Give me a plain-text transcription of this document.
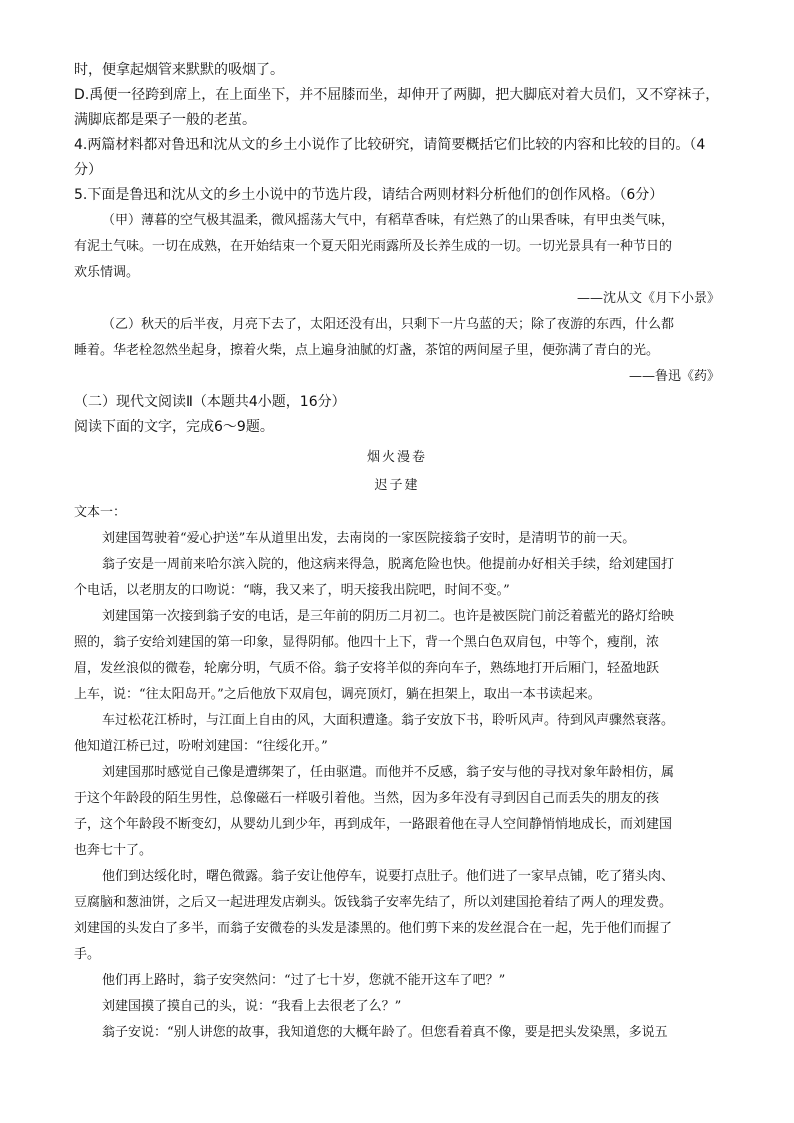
时，便拿起烟管来默默的吸烟了。
D.禹便一径跨到席上，在上面坐下，并不屈膝而坐，却伸开了两脚，把大脚底对着大员们，又不穿袜子，
满脚底都是栗子一般的老茧。
4.两篇材料都对鲁迅和沈从文的乡土小说作了比较研究，请简要概括它们比较的内容和比较的目的。（4
分）
5.下面是鲁迅和沈从文的乡土小说中的节选片段，请结合两则材料分析他们的创作风格。（6分）
（甲）薄暮的空气极其温柔，微风摇荡大气中，有稻草香味，有烂熟了的山果香味，有甲虫类气味，
有泥土气味。一切在成熟，在开始结束一个夏天阳光雨露所及长养生成的一切。一切光景具有一种节日的
欢乐情调。
——沈从文《月下小景》
（乙）秋天的后半夜，月亮下去了，太阳还没有出，只剩下一片乌蓝的天；除了夜游的东西，什么都
睡着。华老栓忽然坐起身，擦着火柴，点上遍身油腻的灯盏，茶馆的两间屋子里，便弥满了青白的光。
——鲁迅《药》
（二）现代文阅读Ⅱ（本题共4小题，16分）
阅读下面的文字，完成6～9题。
烟火漫卷
迟子建
文本一：
刘建国驾驶着“爱心护送”车从道里出发，去南岗的一家医院接翁子安时，是清明节的前一天。
翁子安是一周前来哈尔滨入院的，他这病来得急，脱离危险也快。他提前办好相关手续，给刘建国打
个电话，以老朋友的口吻说：“嗨，我又来了，明天接我出院吧，时间不变。”
刘建国第一次接到翁子安的电话，是三年前的阴历二月初二。也许是被医院门前泛着藍光的路灯给映
照的，翁子安给刘建国的第一印象，显得阴郁。他四十上下，背一个黑白色双肩包，中等个，瘦削，浓
眉，发丝浪似的微卷，轮廓分明，气质不俗。翁子安将羊似的奔向车子，熟练地打开后厢门，轻盈地跃
上车，说：“往太阳岛开。”之后他放下双肩包，调亮顶灯，躺在担架上，取出一本书读起来。
车过松花江桥时，与江面上自由的风，大面积遭逢。翁子安放下书，聆听风声。待到风声骤然衰落。
他知道江桥已过，吩咐刘建国：“往绥化开。”
刘建国那时感觉自己像是遭绑架了，任由驱遣。而他并不反感，翁子安与他的寻找对象年龄相仿，属
于这个年龄段的陌生男性，总像磁石一样吸引着他。当然，因为多年没有寻到因自己而丢失的朋友的孩
子，这个年龄段不断变幻，从婴幼儿到少年，再到成年，一路跟着他在寻人空间静悄悄地成长，而刘建国
也奔七十了。
他们到达绥化时，曙色微露。翁子安让他停车，说要打点肚子。他们进了一家早点铺，吃了猪头肉、
豆腐脑和葱油饼，之后又一起进理发店剃头。饭钱翁子安率先结了，所以刘建国抢着结了两人的理发费。
刘建国的头发白了多半，而翁子安微卷的头发是漆黑的。他们剪下来的发丝混合在一起，先于他们而握了
手。
他们再上路时，翁子安突然问：“过了七十岁，您就不能开这车了吧？”
刘建国摸了摸自己的头，说：“我看上去很老了么？”
翁子安说：“别人讲您的故事，我知道您的大概年龄了。但您看着真不像，要是把头发染黑，多说五
